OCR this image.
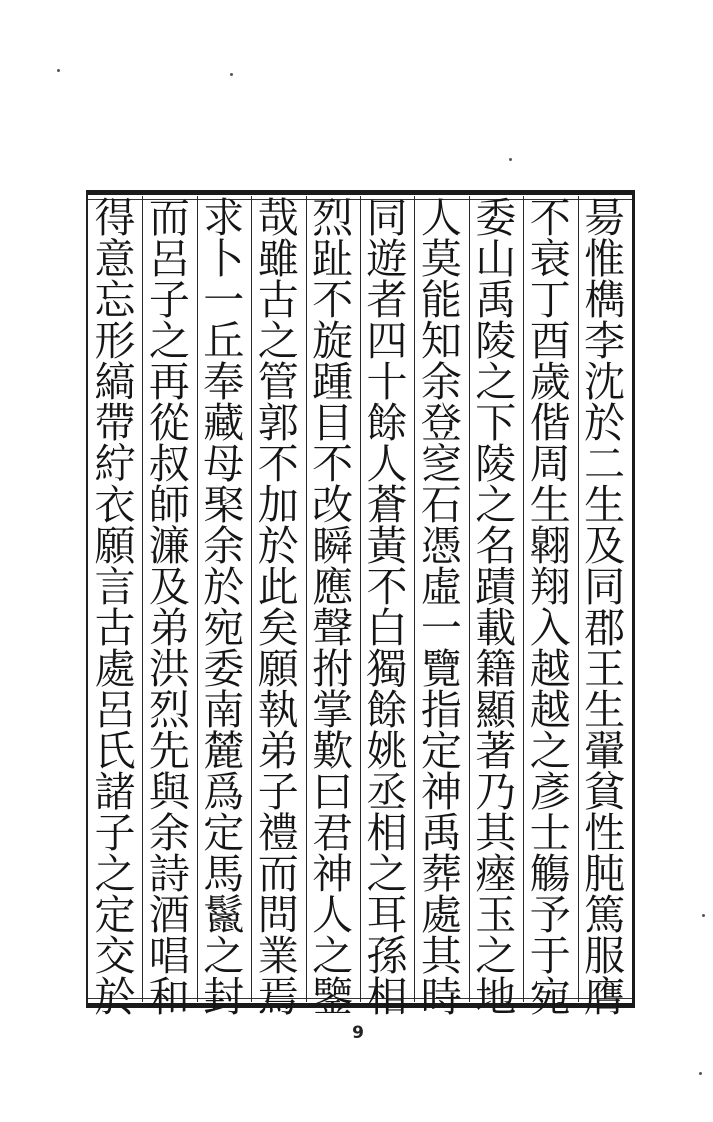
昜
惟
檇
李
沈
於
二
生
及
同
郡
王
生
翬
貧
性
肫
篤
服
膺
不
衰
丁
酉
歲
偕
周
生
翺
翔
入
越
越
之
彥
士
觴
予
于
宛
委
山
禹
陵
之
下
陵
之
名
蹟
載
籍
顯
著
乃
其
瘞
玉
之
地
人
莫
能
知
余
登
窆
石
憑
虛
一
覽
指
定
神
禹
葬
處
其
時
同
遊
者
四
十
餘
人
蒼
黃
不
白
獨
餘
姚
丞
相
之
耳
孫
相
烈
趾
不
旋
踵
目
不
改
瞬
應
聲
拊
掌
歎
曰
君
神
人
之
鑒
哉
雖
古
之
管
郭
不
加
於
此
矣
願
執
弟
子
禮
而
問
業
焉
求
卜
一
丘
奉
藏
母
棸
余
於
宛
委
南
麓
爲
定
馬
鬣
之
封
而
呂
子
之
再
從
叔
師
濂
及
弟
洪
烈
先
與
余
詩
酒
唱
和
得
意
忘
形
縞
帶
紵
衣
願
言
古
處
呂
氏
諸
子
之
定
交
於
9
